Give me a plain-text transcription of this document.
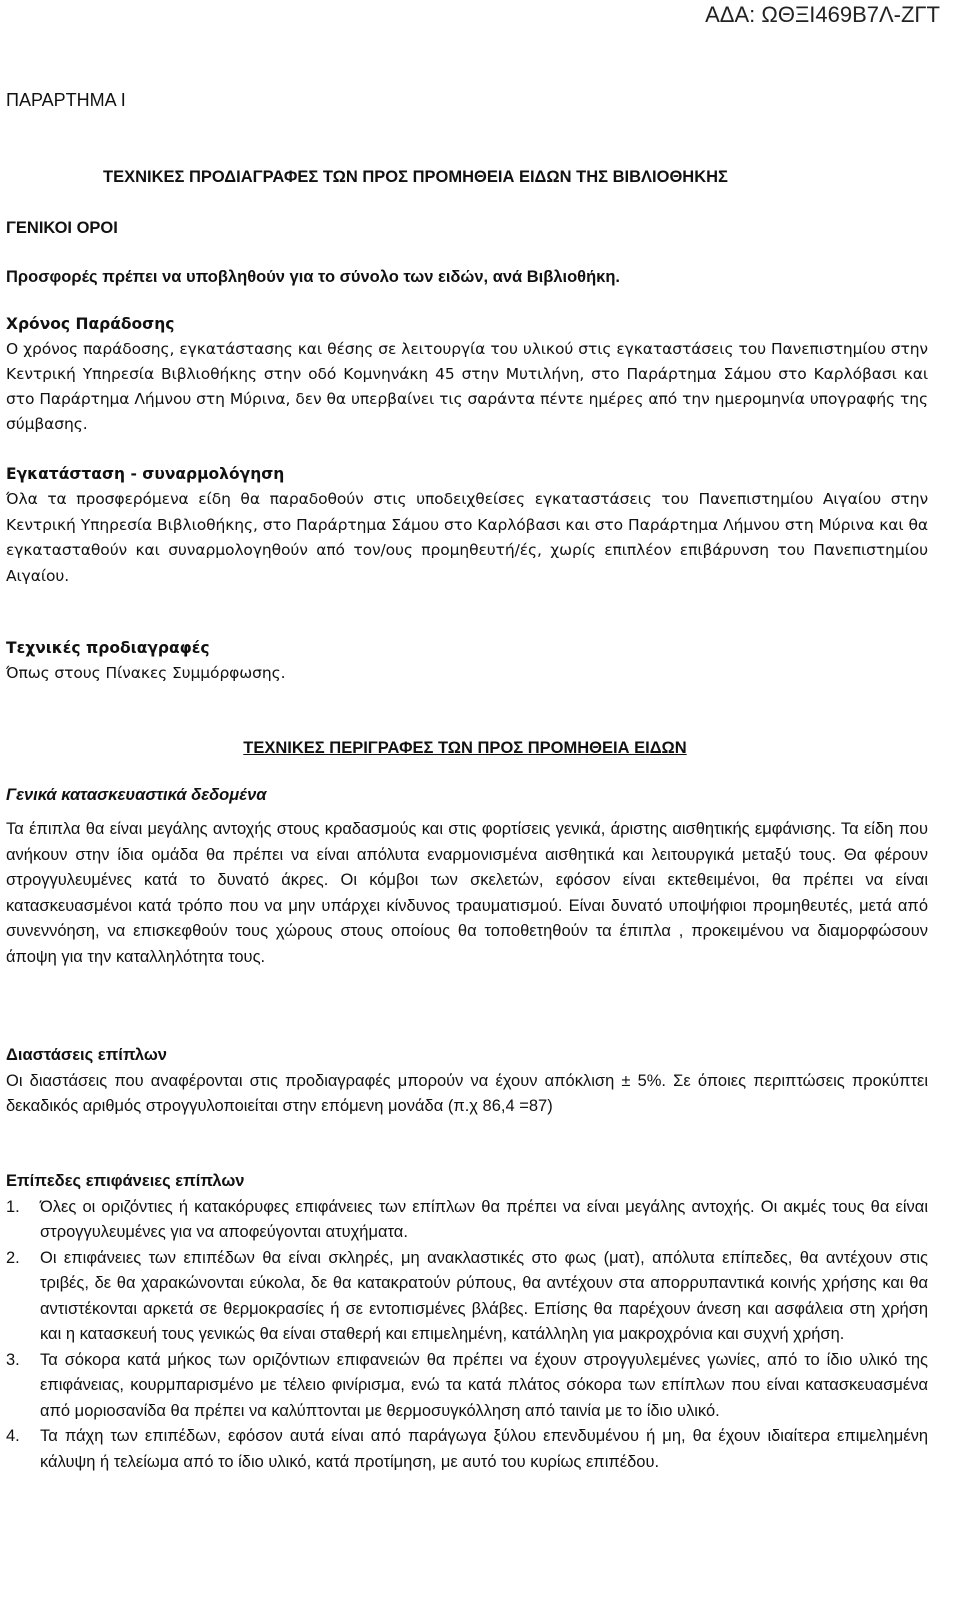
ΑΔΑ: ΩΘΞΙ469Β7Λ-ΖΓΤ
ΠΑΡΑΡΤΗΜΑ Ι
ΤΕΧΝΙΚΕΣ ΠΡΟΔΙΑΓΡΑΦΕΣ ΤΩΝ ΠΡΟΣ ΠΡΟΜΗΘΕΙΑ ΕΙΔΩΝ ΤΗΣ ΒΙΒΛΙΟΘΗΚΗΣ
ΓΕΝΙΚΟΙ ΟΡΟΙ
Προσφορές πρέπει να υποβληθούν για το σύνολο των ειδών, ανά Βιβλιοθήκη.

Χρόνος Παράδοσης

Ο χρόνος παράδοσης, εγκατάστασης και θέσης σε λειτουργία του υλικού στις εγκαταστάσεις του Πανεπιστημίου στην Κεντρική Υπηρεσία Βιβλιοθήκης στην οδό Κομνηνάκη 45 στην Μυτιλήνη, στο Παράρτημα Σάμου στο Καρλόβασι και στο Παράρτημα Λήμνου στη Μύρινα, δεν θα υπερβαίνει τις σαράντα πέντε ημέρες από την ημερομηνία υπογραφής της σύμβασης.

Εγκατάσταση - συναρμολόγηση

Όλα τα προσφερόμενα είδη θα παραδοθούν στις υποδειχθείσες εγκαταστάσεις του Πανεπιστημίου Αιγαίου στην Κεντρική Υπηρεσία Βιβλιοθήκης, στο Παράρτημα Σάμου στο Καρλόβασι και στο Παράρτημα Λήμνου στη Μύρινα και θα εγκατασταθούν και συναρμολογηθούν από τον/ους προμηθευτή/ές, χωρίς επιπλέον επιβάρυνση του Πανεπιστημίου Αιγαίου.

Τεχνικές προδιαγραφές

Όπως στους Πίνακες Συμμόρφωσης.

ΤΕΧΝΙΚΕΣ ΠΕΡΙΓΡΑΦΕΣ ΤΩΝ ΠΡΟΣ ΠΡΟΜΗΘΕΙΑ ΕΙΔΩΝ
Γενικά κατασκευαστικά δεδομένα

Τα έπιπλα θα είναι μεγάλης αντοχής στους κραδασμούς και στις φορτίσεις γενικά, άριστης αισθητικής εμφάνισης. Τα είδη που ανήκουν στην ίδια ομάδα θα πρέπει να είναι απόλυτα εναρμονισμένα αισθητικά και λειτουργικά μεταξύ τους. Θα φέρουν στρογγυλευμένες κατά το δυνατό άκρες. Οι κόμβοι των σκελετών, εφόσον είναι εκτεθειμένοι, θα πρέπει να είναι κατασκευασμένοι κατά τρόπο που να μην υπάρχει κίνδυνος τραυματισμού. Είναι δυνατό υποψήφιοι προμηθευτές, μετά από συνεννόηση, να επισκεφθούν τους χώρους στους οποίους θα τοποθετηθούν τα έπιπλα , προκειμένου να διαμορφώσουν άποψη για την καταλληλότητα τους.

Διαστάσεις επίπλων

Οι διαστάσεις που αναφέρονται στις προδιαγραφές μπορούν να έχουν απόκλιση ± 5%. Σε όποιες περιπτώσεις προκύπτει δεκαδικός αριθμός στρογγυλοποιείται στην επόμενη μονάδα (π.χ 86,4 =87)

Επίπεδες επιφάνειες επίπλων

1. Όλες οι οριζόντιες ή κατακόρυφες επιφάνειες των επίπλων θα πρέπει να είναι μεγάλης αντοχής. Οι ακμές τους θα είναι στρογγυλευμένες για να αποφεύγονται ατυχήματα.

2. Οι επιφάνειες των επιπέδων θα είναι σκληρές, μη ανακλαστικές στο φως (ματ), απόλυτα επίπεδες, θα αντέχουν στις τριβές, δε θα χαρακώνονται εύκολα, δε θα κατακρατούν ρύπους, θα αντέχουν στα απορρυπαντικά κοινής χρήσης και θα αντιστέκονται αρκετά σε θερμοκρασίες ή σε εντοπισμένες βλάβες. Επίσης θα παρέχουν άνεση και ασφάλεια στη χρήση και η κατασκευή τους γενικώς θα είναι σταθερή και επιμελημένη, κατάλληλη για μακροχρόνια και συχνή χρήση.

3. Τα σόκορα κατά μήκος των οριζόντιων επιφανειών θα πρέπει να έχουν στρογγυλεμένες γωνίες, από το ίδιο υλικό της επιφάνειας, κουρμπαρισμένο με τέλειο φινίρισμα, ενώ τα κατά πλάτος σόκορα των επίπλων που είναι κατασκευασμένα από μοριοσανίδα θα πρέπει να καλύπτονται με θερμοσυγκόλληση από ταινία με το ίδιο υλικό.

4. Τα πάχη των επιπέδων, εφόσον αυτά είναι από παράγωγα ξύλου επενδυμένου ή μη, θα έχουν ιδιαίτερα επιμελημένη κάλυψη ή τελείωμα από το ίδιο υλικό, κατά προτίμηση, με αυτό του κυρίως επιπέδου.
